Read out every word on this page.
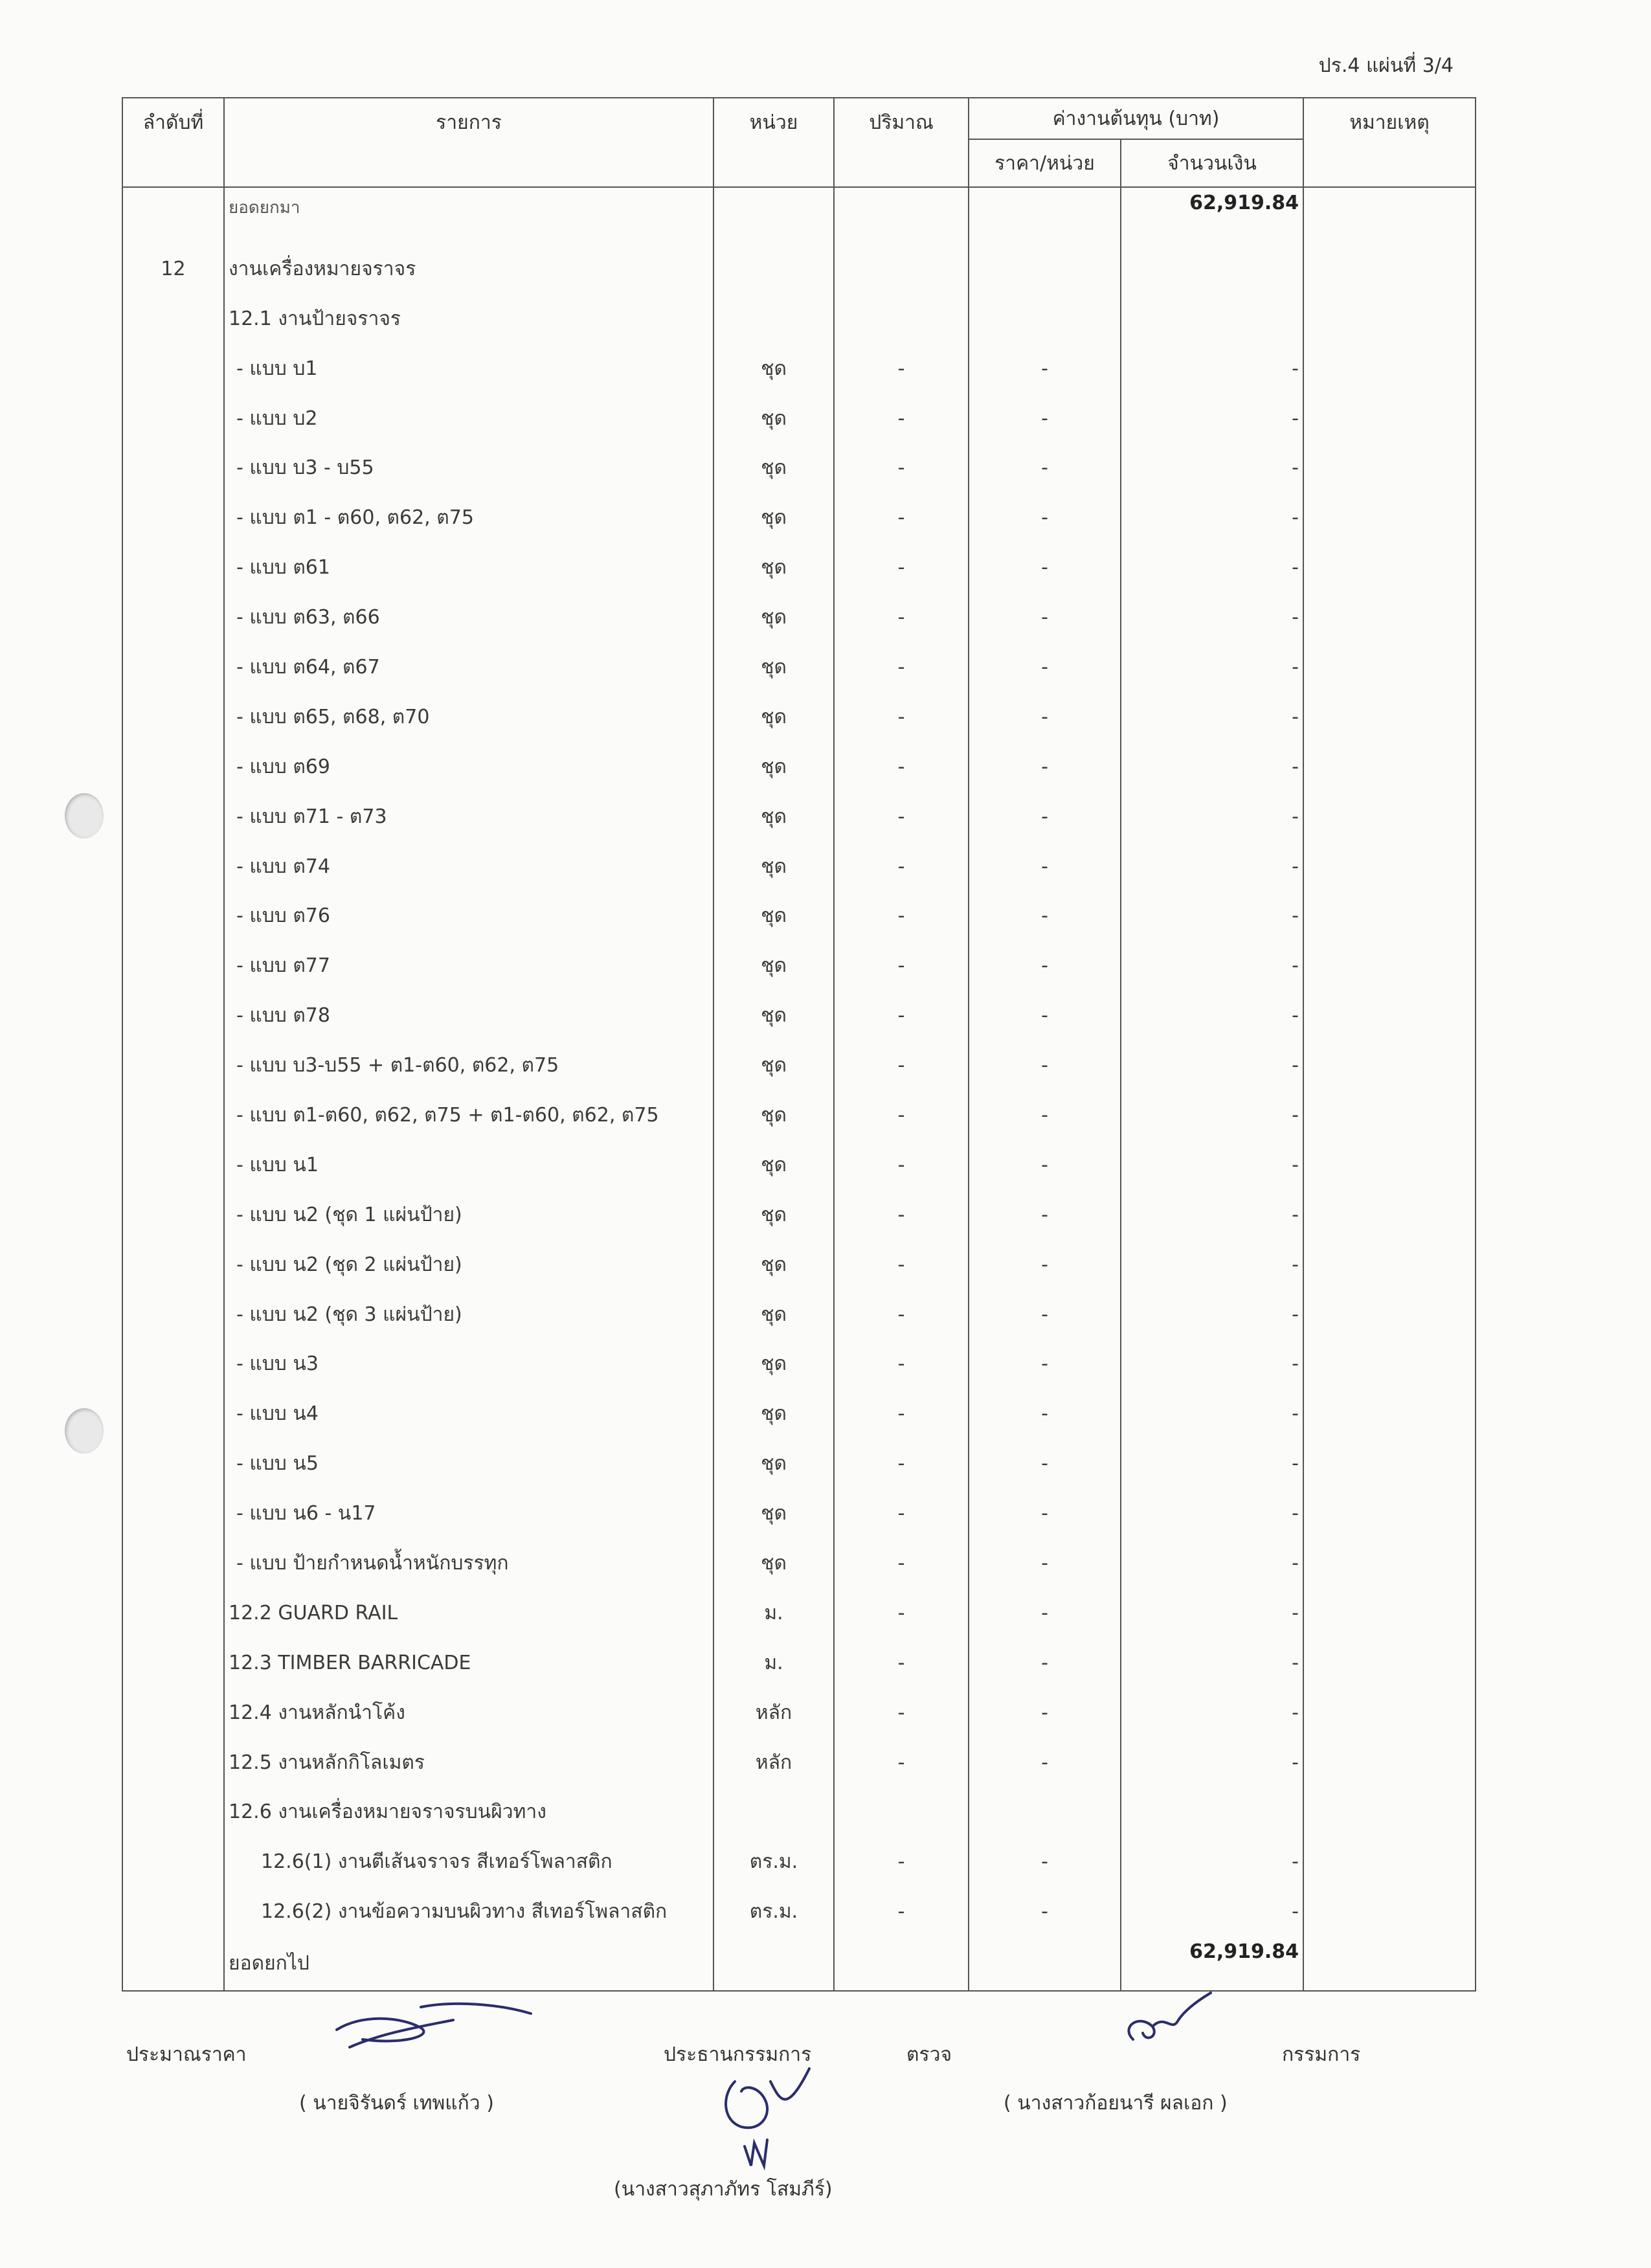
ปร.4 แผ่นที่ 3/4
ลำดับที่	รายการ	หน่วย	ปริมาณ	ค่างานต้นทุน (บาท)		หมายเหตุ
				ราคา/หน่วย	จำนวนเงิน	
	ยอดยกมา				62,919.84	
12	งานเครื่องหมายจราจร					
	12.1 งานป้ายจราจร					
	- แบบ บ1	ชุด	-	-	-	
	- แบบ บ2	ชุด	-	-	-	
	- แบบ บ3 - บ55	ชุด	-	-	-	
	- แบบ ต1 - ต60, ต62, ต75	ชุด	-	-	-	
	- แบบ ต61	ชุด	-	-	-	
	- แบบ ต63, ต66	ชุด	-	-	-	
	- แบบ ต64, ต67	ชุด	-	-	-	
	- แบบ ต65, ต68, ต70	ชุด	-	-	-	
	- แบบ ต69	ชุด	-	-	-	
	- แบบ ต71 - ต73	ชุด	-	-	-	
	- แบบ ต74	ชุด	-	-	-	
	- แบบ ต76	ชุด	-	-	-	
	- แบบ ต77	ชุด	-	-	-	
	- แบบ ต78	ชุด	-	-	-	
	- แบบ บ3-บ55 + ต1-ต60, ต62, ต75	ชุด	-	-	-	
	- แบบ ต1-ต60, ต62, ต75 + ต1-ต60, ต62, ต75	ชุด	-	-	-	
	- แบบ น1	ชุด	-	-	-	
	- แบบ น2 (ชุด 1 แผ่นป้าย)	ชุด	-	-	-	
	- แบบ น2 (ชุด 2 แผ่นป้าย)	ชุด	-	-	-	
	- แบบ น2 (ชุด 3 แผ่นป้าย)	ชุด	-	-	-	
	- แบบ น3	ชุด	-	-	-	
	- แบบ น4	ชุด	-	-	-	
	- แบบ น5	ชุด	-	-	-	
	- แบบ น6 - น17	ชุด	-	-	-	
	- แบบ ป้ายกำหนดน้ำหนักบรรทุก	ชุด	-	-	-	
	12.2 GUARD RAIL	ม.	-	-	-	
	12.3 TIMBER BARRICADE	ม.	-	-	-	
	12.4 งานหลักนำโค้ง	หลัก	-	-	-	
	12.5 งานหลักกิโลเมตร	หลัก	-	-	-	
	12.6 งานเครื่องหมายจราจรบนผิวทาง					
	12.6(1) งานตีเส้นจราจร สีเทอร์โพลาสติก	ตร.ม.	-	-	-	
	12.6(2) งานข้อความบนผิวทาง สีเทอร์โพลาสติก	ตร.ม.	-	-	-	
	ยอดยกไป				62,919.84	
ประมาณราคา
( นายจิรันดร์ เทพแก้ว )
ประธานกรรมการ	ตรวจ	กรรมการ
( นางสาวก้อยนารี ผลเอก )
(นางสาวสุภาภัทร โสมภีร์)
